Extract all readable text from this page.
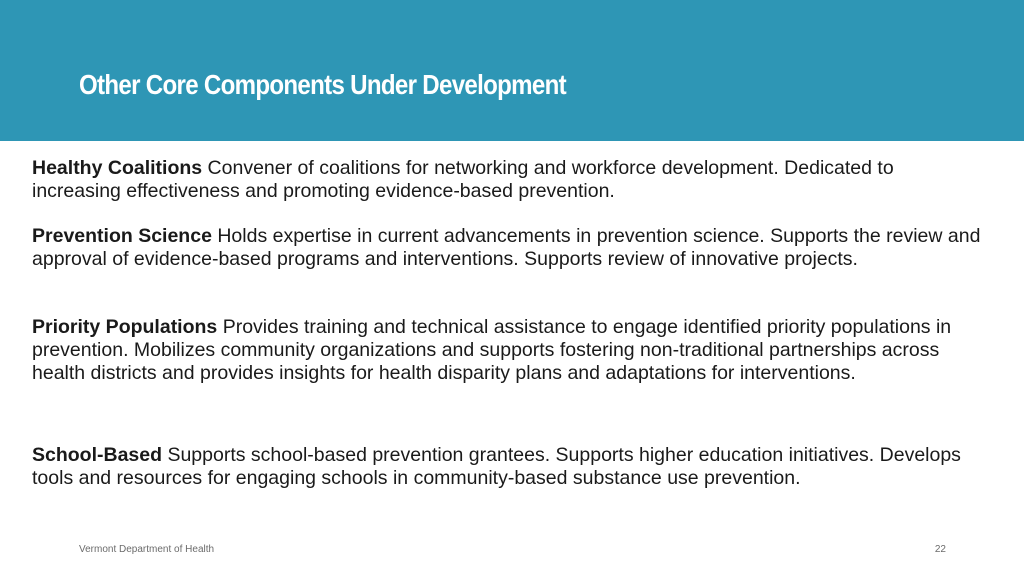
Other Core Components Under Development

Healthy Coalitions Convener of coalitions for networking and workforce development. Dedicated to increasing effectiveness and promoting evidence-based prevention.

Prevention Science Holds expertise in current advancements in prevention science. Supports the review and approval of evidence-based programs and interventions. Supports review of innovative projects.

Priority Populations Provides training and technical assistance to engage identified priority populations in prevention. Mobilizes community organizations and supports fostering non-traditional partnerships across health districts and provides insights for health disparity plans and adaptations for interventions.

School-Based Supports school-based prevention grantees. Supports higher education initiatives. Develops tools and resources for engaging schools in community-based substance use prevention.

Vermont Department of Health	22
